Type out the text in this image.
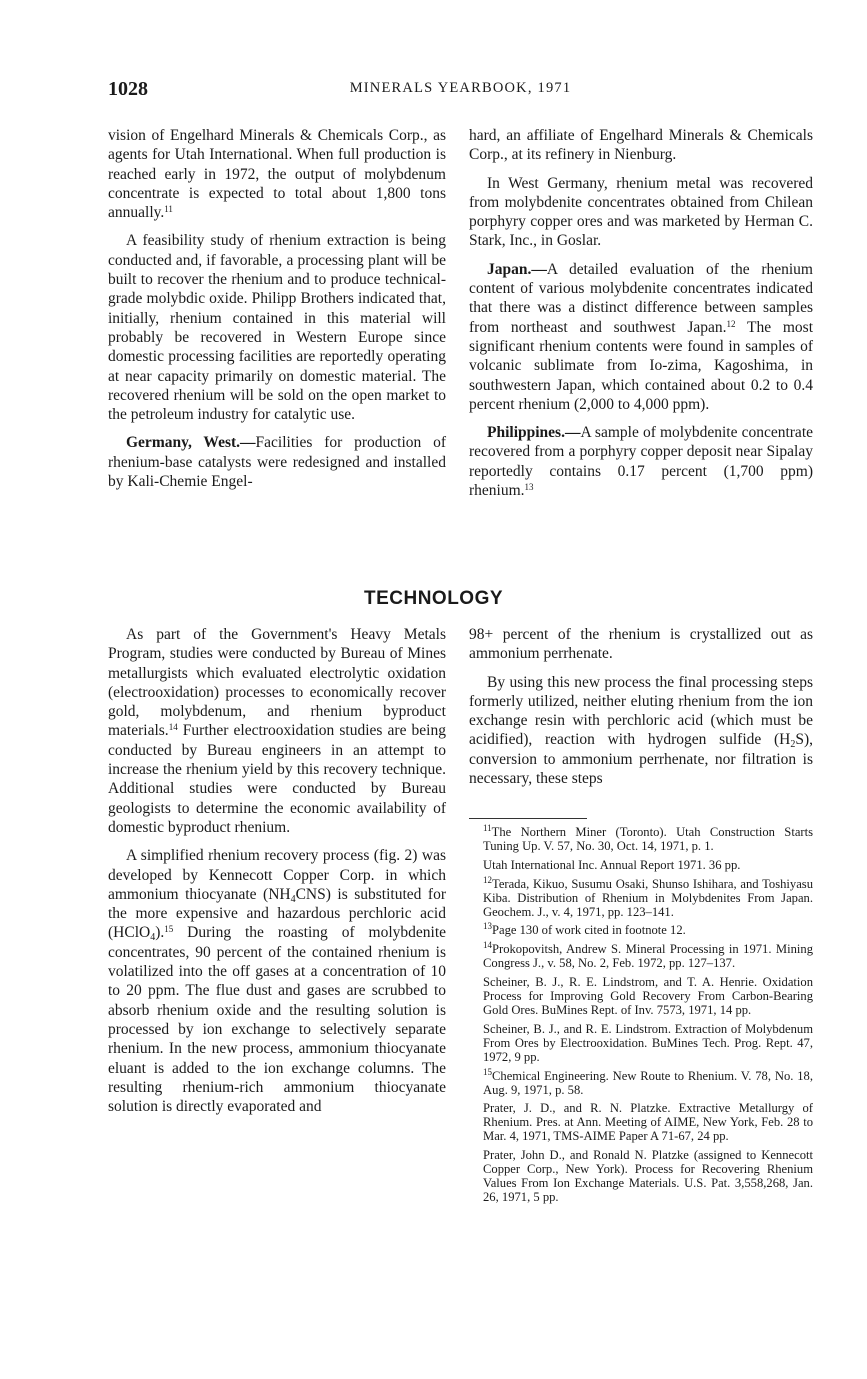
1028	MINERALS YEARBOOK, 1971

vision of Engelhard Minerals & Chemicals Corp., as agents for Utah International. When full production is reached early in 1972, the output of molybdenum concentrate is expected to total about 1,800 tons annually.$^{11}$

A feasibility study of rhenium extraction is being conducted and, if favorable, a processing plant will be built to recover the rhenium and to produce technical-grade molybdic oxide. Philipp Brothers indicated that, initially, rhenium contained in this material will probably be recovered in Western Europe since domestic processing facilities are reportedly operating at near capacity primarily on domestic material. The recovered rhenium will be sold on the open market to the petroleum industry for catalytic use.

Germany, West.—Facilities for production of rhenium-base catalysts were redesigned and installed by Kali-Chemie Engel-

hard, an affiliate of Engelhard Minerals & Chemicals Corp., at its refinery in Nienburg.

In West Germany, rhenium metal was recovered from molybdenite concentrates obtained from Chilean porphyry copper ores and was marketed by Herman C. Stark, Inc., in Goslar.

Japan.—A detailed evaluation of the rhenium content of various molybdenite concentrates indicated that there was a distinct difference between samples from northeast and southwest Japan.$^{12}$ The most significant rhenium contents were found in samples of volcanic sublimate from Io-zima, Kagoshima, in southwestern Japan, which contained about 0.2 to 0.4 percent rhenium (2,000 to 4,000 ppm).

Philippines.—A sample of molybdenite concentrate recovered from a porphyry copper deposit near Sipalay reportedly contains 0.17 percent (1,700 ppm) rhenium.$^{13}$

TECHNOLOGY

As part of the Government's Heavy Metals Program, studies were conducted by Bureau of Mines metallurgists which evaluated electrolytic oxidation (electrooxidation) processes to economically recover gold, molybdenum, and rhenium byproduct materials.$^{14}$ Further electrooxidation studies are being conducted by Bureau engineers in an attempt to increase the rhenium yield by this recovery technique. Additional studies were conducted by Bureau geologists to determine the economic availability of domestic byproduct rhenium.

A simplified rhenium recovery process (fig. 2) was developed by Kennecott Copper Corp. in which ammonium thiocyanate $(NH_4CNS)$ is substituted for the more expensive and hazardous perchloric acid (HClO$_4$).$^{15}$ During the roasting of molybdenite concentrates, 90 percent of the contained rhenium is volatilized into the off gases at a concentration of 10 to 20 ppm. The flue dust and gases are scrubbed to absorb rhenium oxide and the resulting solution is processed by ion exchange to selectively separate rhenium. In the new process, ammonium thiocyanate eluant is added to the ion exchange columns. The resulting rhenium-rich ammonium thiocyanate solution is directly evaporated and

98+ percent of the rhenium is crystallized out as ammonium perrhenate.

By using this new process the final processing steps formerly utilized, neither eluting rhenium from the ion exchange resin with perchloric acid (which must be acidified), reaction with hydrogen sulfide $(H_2S)$, conversion to ammonium perrhenate, nor filtration is necessary, these steps

$^{11}$The Northern Miner (Toronto). Utah Construction Starts Tuning Up. V. 57, No. 30, Oct. 14, 1971, p. 1.

Utah International Inc. Annual Report 1971. 36 pp.

$^{12}$Terada, Kikuo, Susumu Osaki, Shunso Ishihara, and Toshiyasu Kiba. Distribution of Rhenium in Molybdenites From Japan. Geochem. J., v. 4, 1971, pp. 123–141.

$^{13}$Page 130 of work cited in footnote 12.

$^{14}$Prokopovitsh, Andrew S. Mineral Processing in 1971. Mining Congress J., v. 58, No. 2, Feb. 1972, pp. 127–137.

Scheiner, B. J., R. E. Lindstrom, and T. A. Henrie. Oxidation Process for Improving Gold Recovery From Carbon-Bearing Gold Ores. BuMines Rept. of Inv. 7573, 1971, 14 pp.

Scheiner, B. J., and R. E. Lindstrom. Extraction of Molybdenum From Ores by Electrooxidation. BuMines Tech. Prog. Rept. 47, 1972, 9 pp.

$^{15}$Chemical Engineering. New Route to Rhenium. V. 78, No. 18, Aug. 9, 1971, p. 58.

Prater, J. D., and R. N. Platzke. Extractive Metallurgy of Rhenium. Pres. at Ann. Meeting of AIME, New York, Feb. 28 to Mar. 4, 1971, TMS-AIME Paper A 71-67, 24 pp.

Prater, John D., and Ronald N. Platzke (assigned to Kennecott Copper Corp., New York). Process for Recovering Rhenium Values From Ion Exchange Materials. U.S. Pat. 3,558,268, Jan. 26, 1971, 5 pp.
